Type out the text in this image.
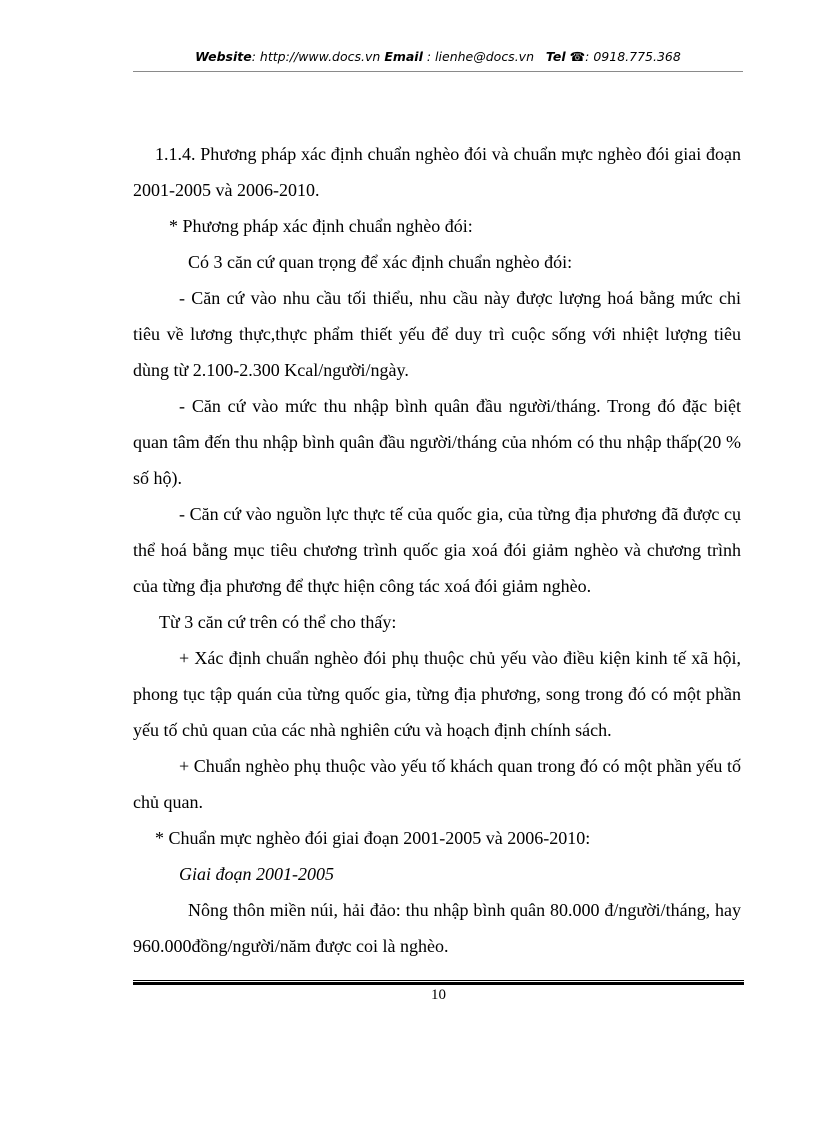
Website: http://www.docs.vn Email : lienhe@docs.vn Tel ☎: 0918.775.368

1.1.4. Phương pháp xác định chuẩn nghèo đói và chuẩn mực nghèo đói giai đoạn 2001-2005 và 2006-2010.

* Phương pháp xác định chuẩn nghèo đói:

Có 3 căn cứ quan trọng để xác định chuẩn nghèo đói:

- Căn cứ vào nhu cầu tối thiểu, nhu cầu này được lượng hoá bằng mức chi tiêu về lương thực,thực phẩm thiết yếu để duy trì cuộc sống với nhiệt lượng tiêu dùng từ 2.100-2.300 Kcal/người/ngày.

- Căn cứ vào mức thu nhập bình quân đầu người/tháng. Trong đó đặc biệt quan tâm đến thu nhập bình quân đầu người/tháng của nhóm có thu nhập thấp(20 % số hộ).

- Căn cứ vào nguồn lực thực tế của quốc gia, của từng địa phương đã được cụ thể hoá bằng mục tiêu chương trình quốc gia xoá đói giảm nghèo và chương trình của từng địa phương để thực hiện công tác xoá đói giảm nghèo.

Từ 3 căn cứ trên có thể cho thấy:

+ Xác định chuẩn nghèo đói phụ thuộc chủ yếu vào điều kiện kinh tế xã hội, phong tục tập quán của từng quốc gia, từng địa phương, song trong đó có một phần yếu tố chủ quan của các nhà nghiên cứu và hoạch định chính sách.

+ Chuẩn nghèo phụ thuộc vào yếu tố khách quan trong đó có một phần yếu tố chủ quan.

* Chuẩn mực nghèo đói giai đoạn 2001-2005 và 2006-2010:

Giai đoạn 2001-2005

Nông thôn miền núi, hải đảo: thu nhập bình quân 80.000 đ/người/tháng, hay 960.000đồng/người/năm được coi là nghèo.

10
